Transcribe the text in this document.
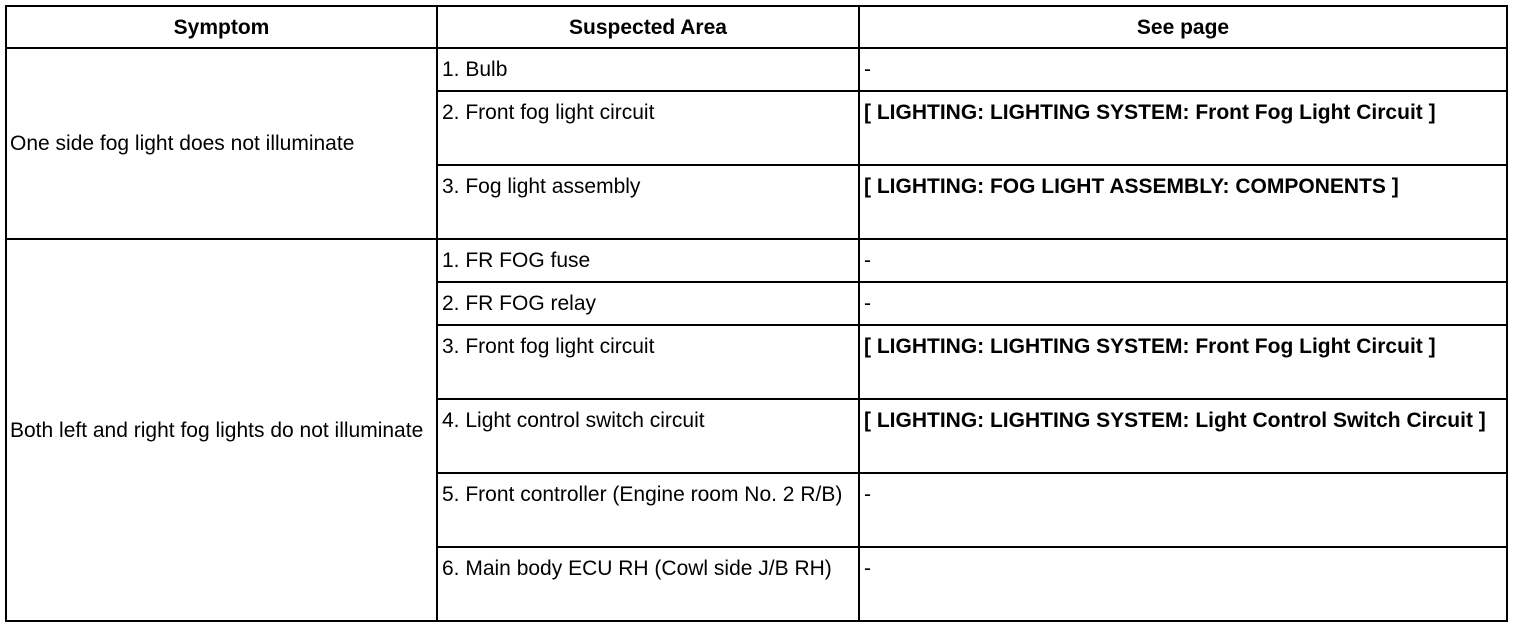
Symptom	Suspected Area	See page
One side fog light does not illuminate	1. Bulb	-
	2. Front fog light circuit	[ LIGHTING: LIGHTING SYSTEM: Front Fog Light Circuit ]
	3. Fog light assembly	[ LIGHTING: FOG LIGHT ASSEMBLY: COMPONENTS ]
Both left and right fog lights do not illuminate	1. FR FOG fuse	-
	2. FR FOG relay	-
	3. Front fog light circuit	[ LIGHTING: LIGHTING SYSTEM: Front Fog Light Circuit ]
	4. Light control switch circuit	[ LIGHTING: LIGHTING SYSTEM: Light Control Switch Circuit ]
	5. Front controller (Engine room No. 2 R/B)	-
	6. Main body ECU RH (Cowl side J/B RH)	-
